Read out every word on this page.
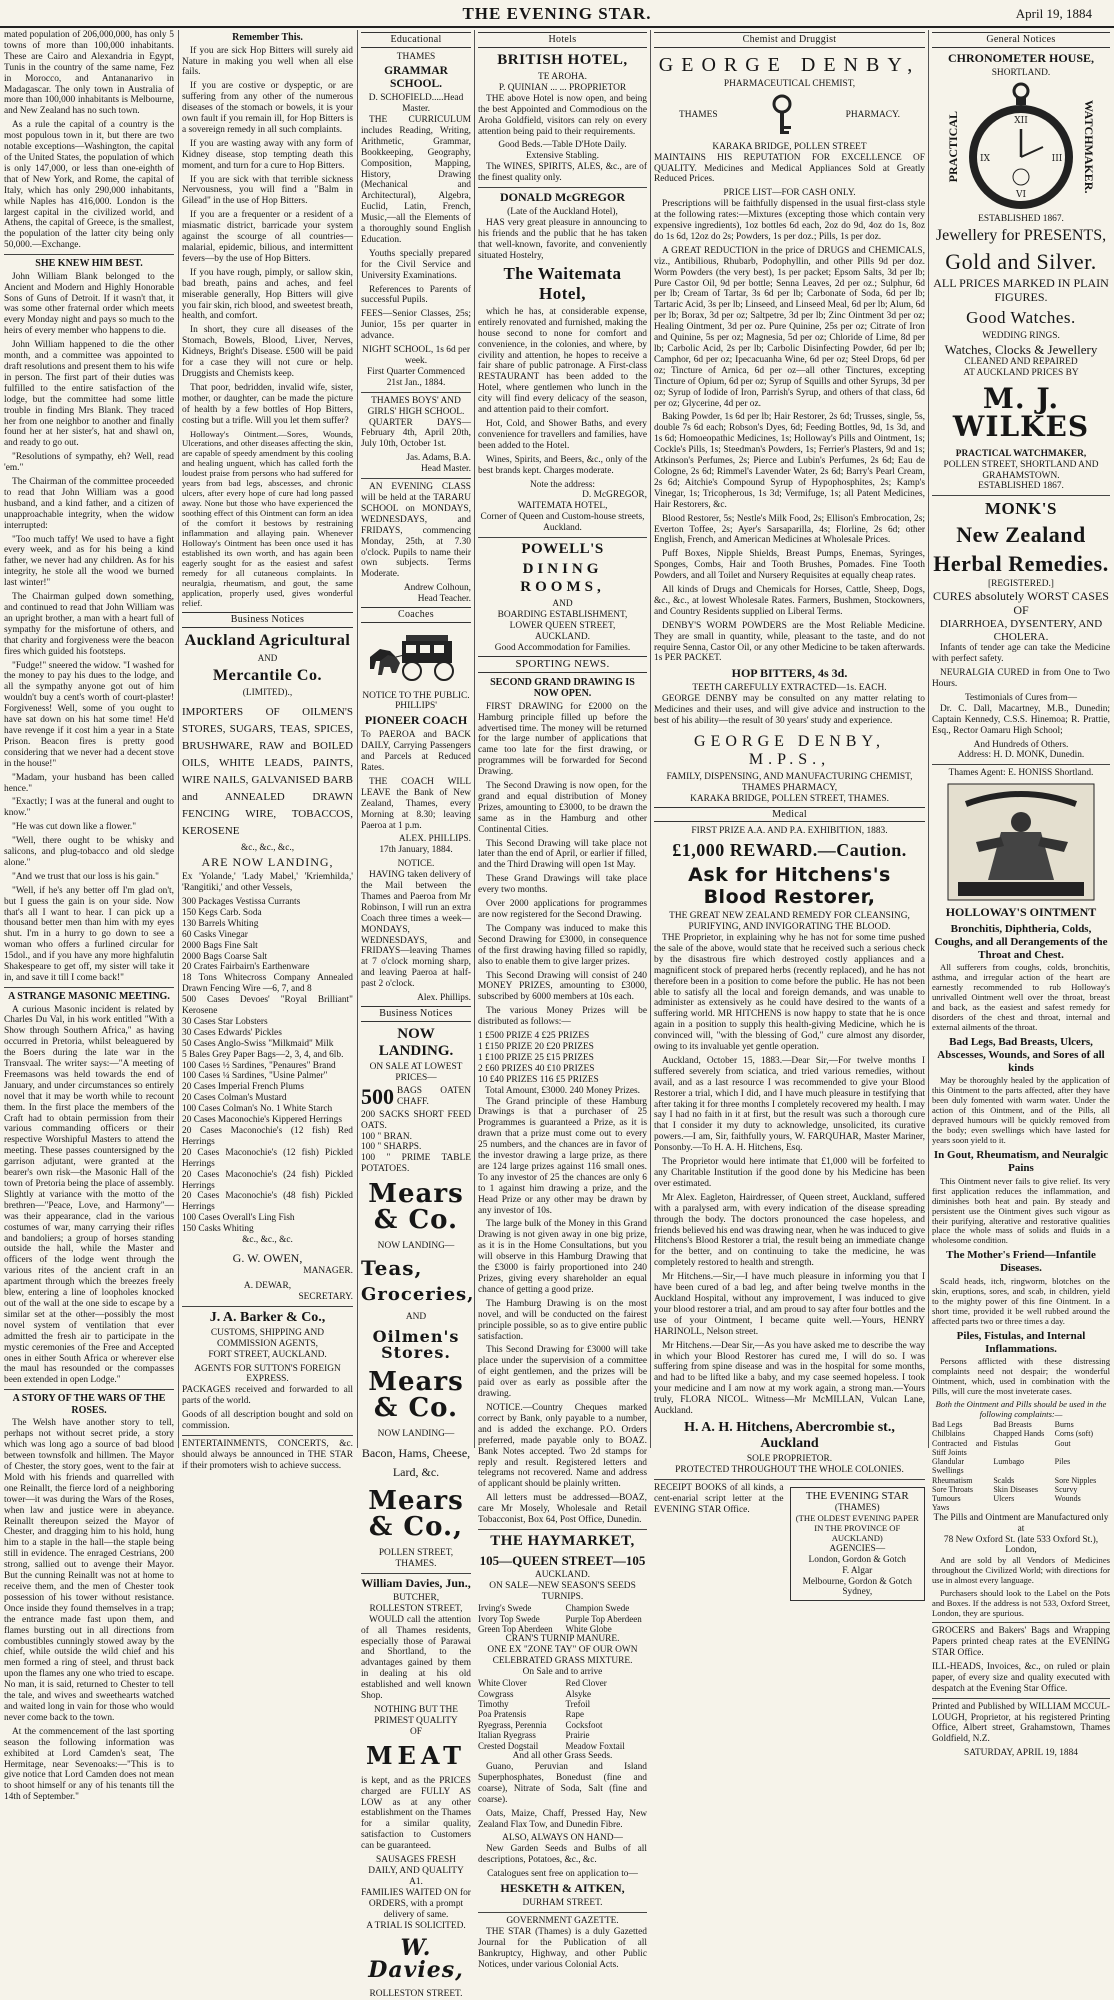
THE EVENING STAR.	April 19, 1884

mated population of 206,000,000, has only 5 towns of more than 100,000 inhabitants. These are Cairo and Alexandria in Egypt, Tunis in the country of the same name, Fez in Morocco, and Antananarivo in Madagascar. The only town in Australia of more than 100,000 inhabitants is Melbourne, and New Zealand has no such town.

As a rule the capital of a country is the most populous town in it, but there are two notable exceptions—Washington, the capital of the United States, the population of which is only 147,000, or less than one-eighth of that of New York, and Rome, the capital of Italy, which has only 290,000 inhabitants, while Naples has 416,000. London is the largest capital in the civilized world, and Athens, the capital of Greece, is the smallest, the population of the latter city being only 50,000.—Exchange.

SHE KNEW HIM BEST.

John William Blank belonged to the Ancient and Modern and Highly Honorable Sons of Guns of Detroit. If it wasn't that, it was some other fraternal order which meets every Monday night and pays so much to the heirs of every member who happens to die.

John William happened to die the other month, and a committee was appointed to draft resolutions and present them to his wife in person. The first part of their duties was fulfilled to the entire satisfaction of the lodge, but the committee had some little trouble in finding Mrs Blank. They traced her from one neighbor to another and finally found her at her sister's, hat and shawl on, and ready to go out.

"Resolutions of sympathy, eh? Well, read 'em."

The Chairman of the committee proceeded to read that John William was a good husband, and a kind father, and a citizen of unapproachable integrity, when the widow interrupted:

"Too much taffy! We used to have a fight every week, and as for his being a kind father, we never had any children. As for his integrity, he stole all the wood we burned last winter!"

The Chairman gulped down something, and continued to read that John William was an upright brother, a man with a heart full of sympathy for the misfortune of others, and that charity and forgiveness were the beacon fires which guided his footsteps.

"Fudge!" sneered the widow. "I washed for the money to pay his dues to the lodge, and all the sympathy anyone got out of him wouldn't buy a cent's worth of court-plaster! Forgiveness! Well, some of you ought to have sat down on his hat some time! He'd have revenge if it cost him a year in a State Prison. Beacon fires is pretty good considering that we never had a decent stove in the house!"

"Madam, your husband has been called hence."

"Exactly; I was at the funeral and ought to know."

"He was cut down like a flower."

"Well, there ought to be whisky and salicons, and plug-tobacco and old sledge alone."

"And we trust that our loss is his gain."

"Well, if he's any better off I'm glad on't, but I guess the gain is on your side. Now that's all I want to hear. I can pick up a thousand better men than him with my eyes shut. I'm in a hurry to go down to see a woman who offers a furlined circular for 15dol., and if you have any more highfalutin Shakespeare to get off, my sister will take it in, and save it till I come back!"

A STRANGE MASONIC MEETING.

A curious Masonic incident is related by Charles Du Val, in his work entitled "With a Show through Southern Africa," as having occurred in Pretoria, whilst beleaguered by the Boers during the late war in the Transvaal. The writer says:—"A meeting of Freemasons was held towards the end of January, and under circumstances so entirely novel that it may be worth while to recount them. In the first place the members of the Craft had to obtain permission from their various commanding officers or their respective Worshipful Masters to attend the meeting. These passes countersigned by the garrison adjutant, were granted at the bearer's own risk—the Masonic Hall of the town of Pretoria being the place of assembly. Slightly at variance with the motto of the brethren—"Peace, Love, and Harmony"—was their appearance, clad in the various costumes of war, many carrying their rifles and bandoliers; a group of horses standing outside the hall, while the Master and officers of the lodge went through the various rites of the ancient craft in an apartment through which the breezes freely blew, entering a line of loopholes knocked out of the wall at the one side to escape by a similar set at the other—possibly the most novel system of ventilation that ever admitted the fresh air to participate in the mystic ceremonies of the Free and Accepted ones in either South Africa or wherever else the maul has resounded or the compasses been extended in open Lodge."

A STORY OF THE WARS OF THE ROSES.

The Welsh have another story to tell, perhaps not without secret pride, a story which was long ago a source of bad blood between townsfolk and hillmen. The Mayor of Chester, the story goes, went to the fair at Mold with his friends and quarrelled with one Reinallt, the fierce lord of a neighboring tower—it was during the Wars of the Roses, when law and justice were in abeyance. Reinallt thereupon seized the Mayor of Chester, and dragging him to his hold, hung him to a staple in the hall—the staple being still in evidence. The enraged Cestrians, 200 strong, sallied out to avenge their Mayor. But the cunning Reinallt was not at home to receive them, and the men of Chester took possession of his tower without resistance. Once inside they found themselves in a trap; the entrance made fast upon them, and flames bursting out in all directions from combustibles cunningly stowed away by the chief, while outside the wild chief and his men formed a ring of steel, and thrust back upon the flames any one who tried to escape. No man, it is said, returned to Chester to tell the tale, and wives and sweethearts watched and waited long in vain for those who would never come back to the town.

At the commencement of the last sporting season the following information was exhibited at Lord Camden's seat, The Hermitage, near Sevenoaks:—"This is to give notice that Lord Camden does not mean to shoot himself or any of his tenants till the 14th of September."

Remember This.

If you are sick Hop Bitters will surely aid Nature in making you well when all else fails.

If you are costive or dyspeptic, or are suffering from any other of the numerous diseases of the stomach or bowels, it is your own fault if you remain ill, for Hop Bitters is a sovereign remedy in all such complaints.

If you are wasting away with any form of Kidney disease, stop tempting death this moment, and turn for a cure to Hop Bitters.

If you are sick with that terrible sickness Nervousness, you will find a "Balm in Gilead" in the use of Hop Bitters.

If you are a frequenter or a resident of a miasmatic district, barricade your system against the scourge of all countries—malarial, epidemic, bilious, and intermittent fevers—by the use of Hop Bitters.

If you have rough, pimply, or sallow skin, bad breath, pains and aches, and feel miserable generally, Hop Bitters will give you fair skin, rich blood, and sweetest breath, health, and comfort.

In short, they cure all diseases of the Stomach, Bowels, Blood, Liver, Nerves, Kidneys, Bright's Disease. £500 will be paid for a case they will not cure or help. Druggists and Chemists keep.

That poor, bedridden, invalid wife, sister, mother, or daughter, can be made the picture of health by a few bottles of Hop Bitters, costing but a trifle. Will you let them suffer?

Holloway's Ointment.—Sores, Wounds, Ulcerations, and other diseases affecting the skin, are capable of speedy amendment by this cooling and healing unguent, which has called forth the loudest praise from persons who had suffered for years from bad legs, abscesses, and chronic ulcers, after every hope of cure had long passed away. None but those who have experienced the soothing effect of this Ointment can form an idea of the comfort it bestows by restraining inflammation and allaying pain. Whenever Holloway's Ointment has been once used it has established its own worth, and has again been eagerly sought for as the easiest and safest remedy for all cutaneous complaints. In neuralgia, rheumatism, and gout, the same application, properly used, gives wonderful relief.

Business Notices
Auckland Agricultural
AND
Mercantile Co.
(LIMITED).,

IMPORTERS OF OILMEN'S STORES, SUGARS, TEAS, SPICES, BRUSHWARE, RAW and BOILED OILS, WHITE LEADS, PAINTS, WIRE NAILS, GALVANISED BARB and ANNEALED DRAWN FENCING WIRE, TOBACCOS, KEROSENE

&c., &c., &c.,
ARE NOW LANDING,

Ex 'Yolande,' 'Lady Mabel,' 'Kriemhilda,' 'Rangitiki,' and other Vessels,

300 Packages Vestissa Currants
150 Kegs Carb. Soda
130 Barrels Whiting
60 Casks Vinegar
2000 Bags Fine Salt
2000 Bags Coarse Salt
20 Crates Fairbairn's Earthenware
18 Tons Whitecross Company Annealed Drawn Fencing Wire —6, 7, and 8
500 Cases Devoes' "Royal Brilliant" Kerosene
30 Cases Star Lobsters
30 Cases Edwards' Pickles
50 Cases Anglo-Swiss "Milkmaid" Milk
5 Bales Grey Paper Bags—2, 3, 4, and 6lb.
100 Cases ½ Sardines, "Penaures" Brand
100 Cases ¼ Sardines, "Usine Palmer"
20 Cases Imperial French Plums
20 Cases Colman's Mustard
100 Cases Colman's No. 1 White Starch
20 Cases Maconochie's Kippered Herrings
20 Cases Maconochie's (12 fish) Red Herrings
20 Cases Maconochie's (12 fish) Pickled Herrings
20 Cases Maconochie's (24 fish) Pickled Herrings
20 Cases Maconochie's (48 fish) Pickled Herrings
100 Cases Overall's Ling Fish
150 Casks Whiting
&c., &c., &c.
G. W. OWEN,
MANAGER.
A. DEWAR,
SECRETARY.
J. A. Barker & Co.,
CUSTOMS, SHIPPING AND COMMISSION AGENTS,
FORT STREET, AUCKLAND.
AGENTS FOR SUTTON'S FOREIGN EXPRESS.

PACKAGES received and forwarded to all parts of the world.

Goods of all description bought and sold on commission.

ENTERTAINMENTS, CONCERTS, &c. should always be announced in THE STAR if their promoters wish to achieve success.

Educational
THAMES
GRAMMAR SCHOOL.
D. SCHOFIELD.....Head Master.

THE CURRICULUM includes Reading, Writing, Arithmetic, Grammar, Bookkeeping, Geography, Composition, Mapping, History, Drawing (Mechanical and Architectural), Algebra, Euclid, Latin, French, Music,—all the Elements of a thoroughly sound English Education.

Youths specially prepared for the Civil Service and University Examinations.

References to Parents of successful Pupils.

FEES—Senior Classes, 25s; Junior, 15s per quarter in advance.

NIGHT SCHOOL, 1s 6d per week.
First Quarter Commenced 21st Jan., 1884.
THAMES BOYS' AND GIRLS' HIGH SCHOOL.

QUARTER DAYS—February 4th, April 20th, July 10th, October 1st.

Jas. Adams, B.A.
Head Master.

AN EVENING CLASS will be held at the TARARU SCHOOL on MONDAYS, WEDNESDAYS, and FRIDAYS, commencing Monday, 25th, at 7.30 o'clock. Pupils to name their own subjects. Terms Moderate.

Andrew Colhoun,
Head Teacher.
Coaches
NOTICE TO THE PUBLIC.
PHILLIPS'
PIONEER COACH

To PAEROA and BACK DAILY, Carrying Passengers and Parcels at Reduced Rates.

THE COACH WILL LEAVE the Bank of New Zealand, Thames, every Morning at 8.30; leaving Paeroa at 1 p.m.

ALEX. PHILLIPS.
17th January, 1884.
NOTICE.

HAVING taken delivery of the Mail between the Thames and Paeroa from Mr Robinson, I will run an extra Coach three times a week—MONDAYS, WEDNESDAYS, and FRIDAYS—leaving Thames at 7 o'clock morning sharp, and leaving Paeroa at half-past 2 o'clock.

Alex. Phillips.
Business Notices
NOW LANDING.
ON SALE AT LOWEST PRICES—
500 BAGS OATEN CHAFF.
200 SACKS SHORT FEED OATS.
100 " BRAN.
100 " SHARPS.
100 " PRIME TABLE POTATOES.
Mears & Co.
NOW LANDING—
Teas,
Groceries,
AND
Oilmen's Stores.
Mears & Co.
NOW LANDING—
Bacon, Hams, Cheese, Lard, &c.
Mears & Co.,
POLLEN STREET,
THAMES.
William Davies, Jun.,
BUTCHER,
ROLLESTON STREET,

WOULD call the attention of all Thames residents, especially those of Parawai and Shortland, to the advantages gained by them in dealing at his old established and well known Shop.

NOTHING BUT THE PRIMEST QUALITY
OF
MEAT

is kept, and as the PRICES charged are FULLY AS LOW as at any other establishment on the Thames for a similar quality, satisfaction to Customers can be guaranteed.

SAUSAGES FRESH DAILY, AND QUALITY A1.
FAMILIES WAITED ON for ORDERS, with a prompt delivery of same.
A TRIAL IS SOLICITED.
W. Davies,
ROLLESTON STREET.
Hotels
BRITISH HOTEL,
TE AROHA.
P. QUINIAN ... ... PROPRIETOR

THE above Hotel is now open, and being the best Appointed and Commodious on the Aroha Goldfield, visitors can rely on every attention being paid to their requirements.

Good Beds.—Table D'Hote Daily.
Extensive Stabling.

The WINES, SPIRITS, ALES, &c., are of the finest quality only.

DONALD McGREGOR
(Late of the Auckland Hotel),

HAS very great pleasure in announcing to his friends and the public that he has taken that well-known, favorite, and conveniently situated Hostelry,

The Waitemata Hotel,

which he has, at considerable expense, entirely renovated and furnished, making the house second to none for comfort and convenience, in the colonies, and where, by civility and attention, he hopes to receive a fair share of public patronage. A First-class RESTAURANT has been added to the Hotel, where gentlemen who lunch in the city will find every delicacy of the season, and attention paid to their comfort.

Hot, Cold, and Shower Baths, and every convenience for travellers and families, have been added to the Hotel.

Wines, Spirits, and Beers, &c., only of the best brands kept. Charges moderate.

Note the address:
D. McGREGOR,
WAITEMATA HOTEL,
Corner of Queen and Custom-house streets, Auckland.
POWELL'S
DINING ROOMS,
AND
BOARDING ESTABLISHMENT,
LOWER QUEEN STREET,
AUCKLAND.
Good Accommodation for Families.
SPORTING NEWS.
SECOND GRAND DRAWING IS NOW OPEN.

FIRST DRAWING for £2000 on the Hamburg principle filled up before the advertised time. The money will be returned for the large number of applications that came too late for the first drawing, or programmes will be forwarded for Second Drawing.

The Second Drawing is now open, for the grand and equal distribution of Money Prizes, amounting to £3000, to be drawn the same as in the Hamburg and other Continental Cities.

This Second Drawing will take place not later than the end of April, or earlier if filled, and the Third Drawing will open 1st May.

These Grand Drawings will take place every two months.

Over 2000 applications for programmes are now registered for the Second Drawing.

The Company was induced to make this Second Drawing for £3000, in consequence of the first drawing having filled so rapidly, also to enable them to give larger prizes.

This Second Drawing will consist of 240 MONEY PRIZES, amounting to £3000, subscribed by 6000 members at 10s each.

The various Money Prizes will be distributed as follows:—

1 £500 PRIZE 4 £25 PRIZES
1 £150 PRIZE 20 £20 PRIZES
1 £100 PRIZE 25 £15 PRIZES
2 £60 PRIZES 40 £10 PRIZES
10 £40 PRIZES 116 £5 PRIZES
Total Amount, £3000. 240 Money Prizes.

The Grand principle of these Hamburg Drawings is that a purchaser of 25 Programmes is guaranteed a Prize, as it is drawn that a prize must come out to every 25 numbers, and the chances are in favor of the investor drawing a large prize, as there are 124 large prizes against 116 small ones. To any investor of 25 the chances are only 6 to 1 against him drawing a prize, and the Head Prize or any other may be drawn by any investor of 10s.

The large bulk of the Money in this Grand Drawing is not given away in one big prize, as it is in the Home Consultations, but you will observe in this Hamburg Drawing that the £3000 is fairly proportioned into 240 Prizes, giving every shareholder an equal chance of getting a good prize.

The Hamburg Drawing is on the most novel, and will be conducted on the fairest principle possible, so as to give entire public satisfaction.

This Second Drawing for £3000 will take place under the supervision of a committee of eight gentlemen, and the prizes will be paid over as early as possible after the drawing.

NOTICE.—Country Cheques marked correct by Bank, only payable to a number, and is added the exchange. P.O. Orders preferred, made payable only to BOAZ. Bank Notes accepted. Two 2d stamps for reply and result. Registered letters and telegrams not recovered. Name and address of applicant should be plainly written.

All letters must be addressed—BOAZ, care Mr Mosely, Wholesale and Retail Tobacconist, Box 64, Post Office, Dunedin.

THE HAYMARKET,
105—QUEEN STREET—105
AUCKLAND.
ON SALE—NEW SEASON'S SEEDS TURNIPS.
Irving's Swede	Champion Swede
Ivory Top Swede	Purple Top Aberdeen
Green Top Aberdeen	White Globe
CRAN'S TURNIP MANURE.
ONE EX "ZONE TAY" OF OUR OWN CELEBRATED GRASS MIXTURE.
On Sale and to arrive
White Clover	Red Clover
Cowgrass	Alsyke
Timothy	Trefoil
Poa Pratensis	Rape
Ryegrass, Perennia	Cocksfoot
Italian Ryegrass	Prairie
Crested Dogstail	Meadow Foxtail
And all other Grass Seeds.

Guano, Peruvian and Island Superphosphates, Bonedust (fine and coarse), Nitrate of Soda, Salt (fine and coarse).

Oats, Maize, Chaff, Pressed Hay, New Zealand Flax Tow, and Dunedin Fibre.

ALSO, ALWAYS ON HAND—

New Garden Seeds and Bulbs of all descriptions, Potatoes, &c., &c.

Catalogues sent free on application to—
HESKETH & AITKEN,
DURHAM STREET.
GOVERNMENT GAZETTE.

THE STAR (Thames) is a duly Gazetted Journal for the Publication of all Bankruptcy, Highway, and other Public Notices, under various Colonial Acts.

Chemist and Druggist
GEORGE DENBY,
PHARMACEUTICAL CHEMIST,
THAMES	PHARMACY.
KARAKA BRIDGE, POLLEN STREET

MAINTAINS HIS REPUTATION FOR EXCELLENCE OF QUALITY. Medicines and Medical Appliances Sold at Greatly Reduced Prices.

PRICE LIST—FOR CASH ONLY.

Prescriptions will be faithfully dispensed in the usual first-class style at the following rates:—Mixtures (excepting those which contain very expensive ingredients), 1oz bottles 6d each, 2oz do 9d, 4oz do 1s, 8oz do 1s 6d, 12oz do 2s; Powders, 1s per doz.; Pills, 1s per doz.

A GREAT REDUCTION in the price of DRUGS and CHEMICALS, viz., Antibilious, Rhubarb, Podophyllin, and other Pills 9d per doz. Worm Powders (the very best), 1s per packet; Epsom Salts, 3d per lb; Pure Castor Oil, 9d per bottle; Senna Leaves, 2d per oz.; Sulphur, 6d per lb; Cream of Tartar, 3s 6d per lb; Carbonate of Soda, 6d per lb; Tartaric Acid, 3s per lb; Linseed, and Linseed Meal, 6d per lb; Alum, 6d per lb; Borax, 3d per oz; Saltpetre, 3d per lb; Zinc Ointment 3d per oz; Healing Ointment, 3d per oz. Pure Quinine, 25s per oz; Citrate of Iron and Quinine, 5s per oz; Magnesia, 5d per oz; Chloride of Lime, 8d per lb; Carbolic Acid, 2s per lb; Carbolic Disinfecting Powder, 6d per lb; Camphor, 6d per oz; Ipecacuanha Wine, 6d per oz; Steel Drops, 6d per oz; Tincture of Arnica, 6d per oz—all other Tinctures, excepting Tincture of Opium, 6d per oz; Syrup of Squills and other Syrups, 3d per oz; Syrup of Iodide of Iron, Parrish's Syrup, and others of that class, 6d per oz; Glycerine, 4d per oz.

Baking Powder, 1s 6d per lb; Hair Restorer, 2s 6d; Trusses, single, 5s, double 7s 6d each; Robson's Dyes, 6d; Feeding Bottles, 9d, 1s 3d, and 1s 6d; Homoeopathic Medicines, 1s; Holloway's Pills and Ointment, 1s; Cockle's Pills, 1s; Steedman's Powders, 1s; Ferrier's Plasters, 9d and 1s; Atkinson's Perfumes, 2s; Pierce and Lubin's Perfumes, 2s 6d; Eau de Cologne, 2s 6d; Rimmel's Lavender Water, 2s 6d; Barry's Pearl Cream, 2s 6d; Aitchie's Compound Syrup of Hypophosphites, 2s; Kamp's Vinegar, 1s; Tricopherous, 1s 3d; Vermifuge, 1s; all Patent Medicines, Hair Restorers, &c.

Blood Restorer, 5s; Nestle's Milk Food, 2s; Ellison's Embrocation, 2s; Everton Toffee, 2s; Ayer's Sarsaparilla, 4s; Florline, 2s 6d; other English, French, and American Medicines at Wholesale Prices.

Puff Boxes, Nipple Shields, Breast Pumps, Enemas, Syringes, Sponges, Combs, Hair and Tooth Brushes, Pomades. Fine Tooth Powders, and all Toilet and Nursery Requisites at equally cheap rates.

All kinds of Drugs and Chemicals for Horses, Cattle, Sheep, Dogs, &c., &c., at lowest Wholesale Rates. Farmers, Bushmen, Stockowners, and Country Residents supplied on Liberal Terms.

DENBY'S WORM POWDERS are the Most Reliable Medicine. They are small in quantity, while, pleasant to the taste, and do not require Senna, Castor Oil, or any other Medicine to be taken afterwards. 1s PER PACKET.

HOP BITTERS, 4s 3d.
TEETH CAREFULLY EXTRACTED—1s. EACH.

GEORGE DENBY may be consulted on any matter relating to Medicines and their uses, and will give advice and instruction to the best of his ability—the result of 30 years' study and experience.

GEORGE DENBY, M.P.S.,
FAMILY, DISPENSING, AND MANUFACTURING CHEMIST,
THAMES PHARMACY,
KARAKA BRIDGE, POLLEN STREET, THAMES.
Medical
FIRST PRIZE A.A. AND P.A. EXHIBITION, 1883.
£1,000 REWARD.—Caution.
Ask for Hitchens's Blood Restorer,
THE GREAT NEW ZEALAND REMEDY FOR CLEANSING, PURIFYING, AND INVIGORATING THE BLOOD.

THE Proprietor, in explaining why he has not for some time pushed the sale of the above, would state that he received such a serious check by the disastrous fire which destroyed costly appliances and a magnificent stock of prepared herbs (recently replaced), and he has not therefore been in a position to come before the public. He has not been able to satisfy all the local and foreign demands, and was unable to administer as extensively as he could have desired to the wants of a suffering world. MR HITCHENS is now happy to state that he is once again in a position to supply this health-giving Medicine, which he is convinced will, "with the blessing of God," cure almost any disorder, owing to its invaluable yet gentle operation.

Auckland, October 15, 1883.—Dear Sir,—For twelve months I suffered severely from sciatica, and tried various remedies, without avail, and as a last resource I was recommended to give your Blood Restorer a trial, which I did, and I have much pleasure in testifying that after taking it for three months I completely recovered my health. I may say I had no faith in it at first, but the result was such a thorough cure that I consider it my duty to acknowledge, unsolicited, its curative powers.—I am, Sir, faithfully yours, W. FARQUHAR, Master Mariner, Ponsonby.—To H. A. H. Hitchens, Esq.

The Proprietor would here intimate that £1,000 will be forfeited to any Charitable Institution if the good done by his Medicine has been over estimated.

Mr Alex. Eagleton, Hairdresser, of Queen street, Auckland, suffered with a paralysed arm, with every indication of the disease spreading through the body. The doctors pronounced the case hopeless, and friends believed his end was drawing near, when he was induced to give Hitchens's Blood Restorer a trial, the result being an immediate change for the better, and on continuing to take the medicine, he was completely restored to health and strength.

Mr Hitchens.—Sir,—I have much pleasure in informing you that I have been cured of a bad leg, and after being twelve months in the Auckland Hospital, without any improvement, I was induced to give your blood restorer a trial, and am proud to say after four bottles and the use of your Ointment, I became quite well.—Yours, HENRY HARINOLL, Nelson street.

Mr Hitchens.—Dear Sir,—As you have asked me to describe the way in which your Blood Restorer has cured me, I will do so. I was suffering from spine disease and was in the hospital for some months, and had to be lifted like a baby, and my case seemed hopeless. I took your medicine and I am now at my work again, a strong man.—Yours truly, FLORA NICOL. Witness—Mr McMILLAN, Vulcan Lane, Auckland.

H. A. H. Hitchens, Abercrombie st., Auckland
SOLE PROPRIETOR.
PROTECTED THROUGHOUT THE WHOLE COLONIES.

RECEIPT BOOKS of all kinds, a cent-enarial script letter at the EVENING STAR Office.

THE EVENING STAR
(THAMES)
(THE OLDEST EVENING PAPER IN THE PROVINCE OF AUCKLAND)
AGENCIES—
London, Gordon & Gotch
F. Algar
Melbourne, Gordon & Gotch
Sydney,
General Notices
CHRONOMETER HOUSE,
SHORTLAND.
PRACTICAL	XII
III
VI
IX	WATCHMAKER.
ESTABLISHED 1867.
Jewellery for PRESENTS,
Gold and Silver.
ALL PRICES MARKED IN PLAIN FIGURES.
Good Watches.
WEDDING RINGS.
Watches, Clocks & Jewellery
CLEANED AND REPAIRED
AT AUCKLAND PRICES BY
M. J. WILKES
PRACTICAL WATCHMAKER,
POLLEN STREET, SHORTLAND AND GRAHAMSTOWN.
ESTABLISHED 1867.
MONK'S
New Zealand
Herbal Remedies.
[REGISTERED.]
CURES absolutely WORST CASES OF
DIARRHOEA, DYSENTERY, AND CHOLERA.

Infants of tender age can take the Medicine with perfect safety.

NEURALGIA CURED in from One to Two Hours.

Testimonials of Cures from—

Dr. C. Dall, Macartney, M.B., Dunedin; Captain Kennedy, C.S.S. Hinemoa; R. Prattie, Esq., Rector Oamaru High School;

And Hundreds of Others.
Address: H. D. MONK, Dunedin.
Thames Agent: E. HONISS Shortland.
HOLLOWAY'S OINTMENT
Bronchitis, Diphtheria, Colds, Coughs, and all Derangements of the Throat and Chest.

All sufferers from coughs, colds, bronchitis, asthma, and irregular action of the heart are earnestly recommended to rub Holloway's unrivalled Ointment well over the throat, breast and back, as the easiest and safest remedy for disorders of the chest and throat, internal and external ailments of the throat.

Bad Legs, Bad Breasts, Ulcers, Abscesses, Wounds, and Sores of all kinds

May be thoroughly healed by the application of this Ointment to the parts affected, after they have been duly fomented with warm water. Under the action of this Ointment, and of the Pills, all depraved humours will be quickly removed from the body; even swellings which have lasted for years soon yield to it.

In Gout, Rheumatism, and Neuralgic Pains

This Ointment never fails to give relief. Its very first application reduces the inflammation, and diminishes both heat and pain. By steady and persistent use the Ointment gives such vigour as their purifying, alterative and restorative qualities place the whole mass of solids and fluids in a wholesome condition.

The Mother's Friend—Infantile Diseases.

Scald heads, itch, ringworm, blotches on the skin, eruptions, sores, and scab, in children, yield to the mighty power of this fine Ointment. In a short time, provided it be well rubbed around the affected parts two or three times a day.

Piles, Fistulas, and Internal Inflammations.

Persons afflicted with these distressing complaints need not despair; the wonderful Ointment, which, used in combination with the Pills, will cure the most inveterate cases.

Both the Ointment and Pills should be used in the following complaints:—
Bad Legs	Bad Breasts	Burns
Chilblains	Chapped Hands	Corns (soft)
Contracted and Stiff Joints
Fistulas	Gout
Glandular Swellings
Lumbago	Piles
Rheumatism	Scalds	Sore Nipples
Sore Throats	Skin Diseases	Scurvy
Tumours	Ulcers	Wounds
Yaws
The Pills and Ointment are Manufactured only at
78 New Oxford St. (late 533 Oxford St.), London,

And are sold by all Vendors of Medicines throughout the Civilized World; with directions for use in almost every language.

Purchasers should look to the Label on the Pots and Boxes. If the address is not 533, Oxford Street, London, they are spurious.

GROCERS and Bakers' Bags and Wrapping Papers printed cheap rates at the EVENING STAR Office.

ILL-HEADS, Invoices, &c., on ruled or plain paper, of every size and quality executed with despatch at the Evening Star Office.

Printed and Published by WILLIAM MCCUL-LOUGH, Proprietor, at his registered Printing Office, Albert street, Grahamstown, Thames Goldfield, N.Z.

SATURDAY, APRIL 19, 1884
